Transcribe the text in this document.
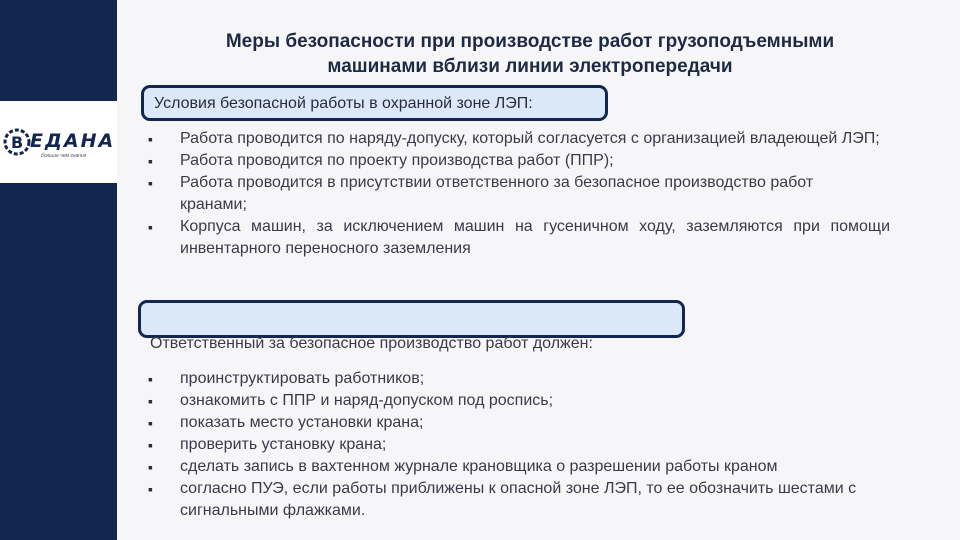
В ЕДАНА
больше чем знания
Меры безопасности при производстве работ грузоподъемными
машинами вблизи линии электропередачи
Условия безопасной работы в охранной зоне ЛЭП:
▪ Работа проводится по наряду-допуску, который согласуется с организацией владеющей ЛЭП;
▪ Работа проводится по проекту производства работ (ППР);
▪ Работа проводится в присутствии ответственного за безопасное производство работ
кранами;
▪ Корпуса машин, за исключением машин на гусеничном ходу, заземляются при помощи инвентарного переносного заземления
Ответственный за безопасное производство работ должен:
▪ проинструктировать работников;
▪ ознакомить с ППР и наряд-допуском под роспись;
▪ показать место установки крана;
▪ проверить установку крана;
▪ сделать запись в вахтенном журнале крановщика о разрешении работы краном
▪ согласно ПУЭ, если работы приближены к опасной зоне ЛЭП, то ее обозначить шестами с сигнальными флажками.
